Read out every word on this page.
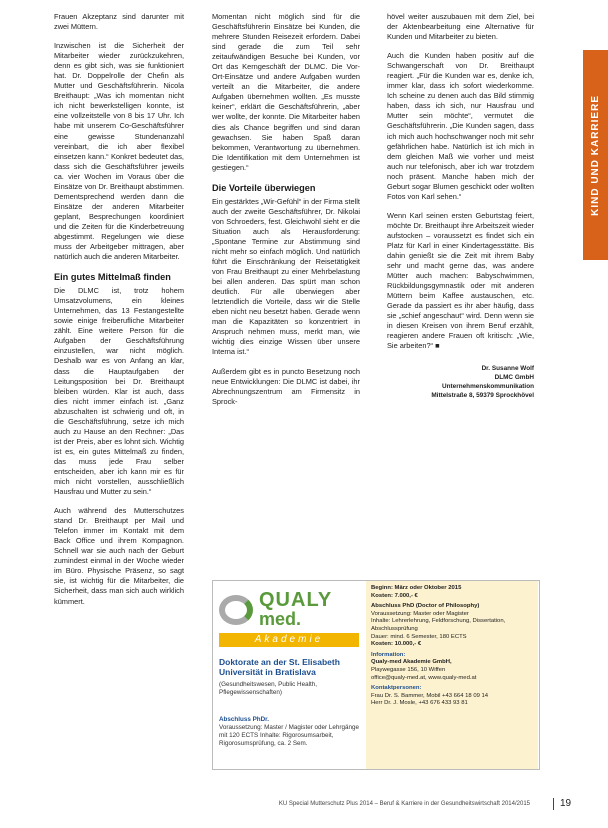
KIND UND KARRIERE

Frauen Akzeptanz sind darunter mit zwei Müttern.

Inzwischen ist die Sicherheit der Mitarbeiter wieder zurückzukehren, denn es gibt sich, was sie funktioniert hat. Dr. Doppelrolle der Chefin als Mutter und Geschäftsführerin. Nicola Breithaupt: „Was ich momentan nicht ich nicht bewerkstelligen konnte, ist eine vollzeitstelle von 8 bis 17 Uhr. Ich habe mit unserem Co-Geschäftsführer eine gewisse Stundenanzahl vereinbart, die ich aber flexibel einsetzen kann.“ Konkret bedeutet das, dass sich die Geschäftsführer jeweils ca. vier Wochen im Voraus über die Einsätze von Dr. Breithaupt abstimmen. Dementsprechend werden dann die Einsätze der anderen Mitarbeiter geplant, Besprechungen koordiniert und die Zeiten für die Kinderbetreuung abgestimmt. Regelungen wie diese muss der Arbeitgeber mittragen, aber natürlich auch die anderen Mitarbeiter.

Ein gutes Mittelmaß finden

Die DLMC ist, trotz hohem Umsatzvolumens, ein kleines Unternehmen, das 13 Festangestellte sowie einige freiberufliche Mitarbeiter zählt. Eine weitere Person für die Aufgaben der Geschäftsführung einzustellen, war nicht möglich. Deshalb war es von Anfang an klar, dass die Hauptaufgaben der Leitungsposition bei Dr. Breithaupt bleiben würden. Klar ist auch, dass dies nicht immer einfach ist. „Ganz abzuschalten ist schwierig und oft, in die Geschäftsführung, setze ich mich auch zu Hause an den Rechner: „Das ist der Preis, aber es lohnt sich. Wichtig ist es, ein gutes Mittelmaß zu finden, das muss jede Frau selber entscheiden, aber ich kann mir es für mich nicht vorstellen, ausschließlich Hausfrau und Mutter zu sein.“

Auch während des Mutterschutzes stand Dr. Breithaupt per Mail und Telefon immer im Kontakt mit dem Back Office und ihrem Kompagnon. Schnell war sie auch nach der Geburt zumindest einmal in der Woche wieder im Büro. Physische Präsenz, so sagt sie, ist wichtig für die Mitarbeiter, die Sicherheit, dass man sich auch wirklich kümmert.

Momentan nicht möglich sind für die Geschäftsführerin Einsätze bei Kunden, die mehrere Stunden Reisezeit erfordern. Dabei sind gerade die zum Teil sehr zeitaufwändigen Besuche bei Kunden, vor Ort das Kerngeschäft der DLMC. Die Vor-Ort-Einsätze und andere Aufgaben wurden verteilt an die Mitarbeiter, die andere Aufgaben übernehmen wollten. „Es musste keiner“, erklärt die Geschäftsführerin, „aber wer wollte, der konnte. Die Mitarbeiter haben dies als Chance begriffen und sind daran gewachsen. Sie haben Spaß daran bekommen, Verantwortung zu übernehmen. Die Identifikation mit dem Unternehmen ist gestiegen.“

Die Vorteile überwiegen

Ein gestärktes „Wir-Gefühl“ in der Firma stellt auch der zweite Geschäftsführer, Dr. Nikolai von Schroeders, fest. Gleichwohl sieht er die Situation auch als Herausforderung: „Spontane Termine zur Abstimmung sind nicht mehr so einfach möglich. Und natürlich führt die Einschränkung der Reisetätigkeit von Frau Breithaupt zu einer Mehrbelastung bei allen anderen. Das spürt man schon deutlich. Für alle überwiegen aber letztendlich die Vorteile, dass wir die Stelle eben nicht neu besetzt haben. Gerade wenn man die Kapazitäten so konzentriert in Anspruch nehmen muss, merkt man, wie wichtig dies einzige Wissen über unsere Interna ist.“

Außerdem gibt es in puncto Besetzung noch neue Entwicklungen: Die DLMC ist dabei, ihr Abrechnungszentrum am Firmensitz in Sprock-

hövel weiter auszubauen mit dem Ziel, bei der Aktenbearbeitung eine Alternative für Kunden und Mitarbeiter zu bieten.

Auch die Kunden haben positiv auf die Schwangerschaft von Dr. Breithaupt reagiert. „Für die Kunden war es, denke ich, immer klar, dass ich sofort wiederkomme. Ich scheine zu denen auch das Bild stimmig haben, dass ich sich, nur Hausfrau und Mutter sein möchte“, vermutet die Geschäftsführerin. „Die Kunden sagen, dass ich mich auch hochschwanger noch mit sehr gefährlichen habe. Natürlich ist ich mich in dem gleichen Maß wie vorher und meist auch nur telefonisch, aber ich war trotzdem noch präsent. Manche haben mich der Geburt sogar Blumen geschickt oder wollten Fotos von Karl sehen.“

Wenn Karl seinen ersten Geburtstag feiert, möchte Dr. Breithaupt ihre Arbeitszeit wieder aufstocken – voraussetzt es findet sich ein Platz für Karl in einer Kindertagesstätte. Bis dahin genießt sie die Zeit mit ihrem Baby sehr und macht gerne das, was andere Mütter auch machen: Babyschwimmen, Rückbildungsgymnastik oder mit anderen Müttern beim Kaffee austauschen, etc. Gerade da passiert es ihr aber häufig, dass sie „schief angeschaut“ wird. Denn wenn sie in diesen Kreisen von ihrem Beruf erzählt, reagieren andere Frauen oft kritisch: „Wie, Sie arbeiten?“ ■

Dr. Susanne Wolf
DLMC GmbH
Unternehmenskommunikation
Mittelstraße 8, 59379 Sprockhövel
QUALY
med.
Akademie
Doktorate an der St. Elisabeth Universität in Bratislava
(Gesundheitswesen, Public Health, Pflegewissenschaften)
Abschluss PhDr.
Voraussetzung: Master / Magister oder Lehrgänge mit 120 ECTS Inhalte: Rigorosumsarbeit, Rigorosumsprüfung, ca. 2 Sem.
Beginn: März oder Oktober 2015
Kosten: 7.000,- €
Abschluss PhD (Doctor of Philosophy)
Voraussetzung: Master oder Magister
Inhalte: Lehrerlehrung, Feldforschung, Dissertation, Abschlussprüfung
Dauer: mind. 6 Semester, 180 ECTS
Kosten: 10.000,- €
Information:
Qualy-med Akademie GmbH,
Playwegasse 156, 10 Wiffen
office@qualy-med.at, www.qualy-med.at
Kontaktpersonen:
Frau Dr. S. Bammer, Mobil +43 664 18 09 14
Herr Dr. J. Mosle, +43 676 433 93 81
KU Special Mutterschutz Plus 2014 – Beruf & Karriere in der Gesundheitswirtschaft 2014/2015	19
